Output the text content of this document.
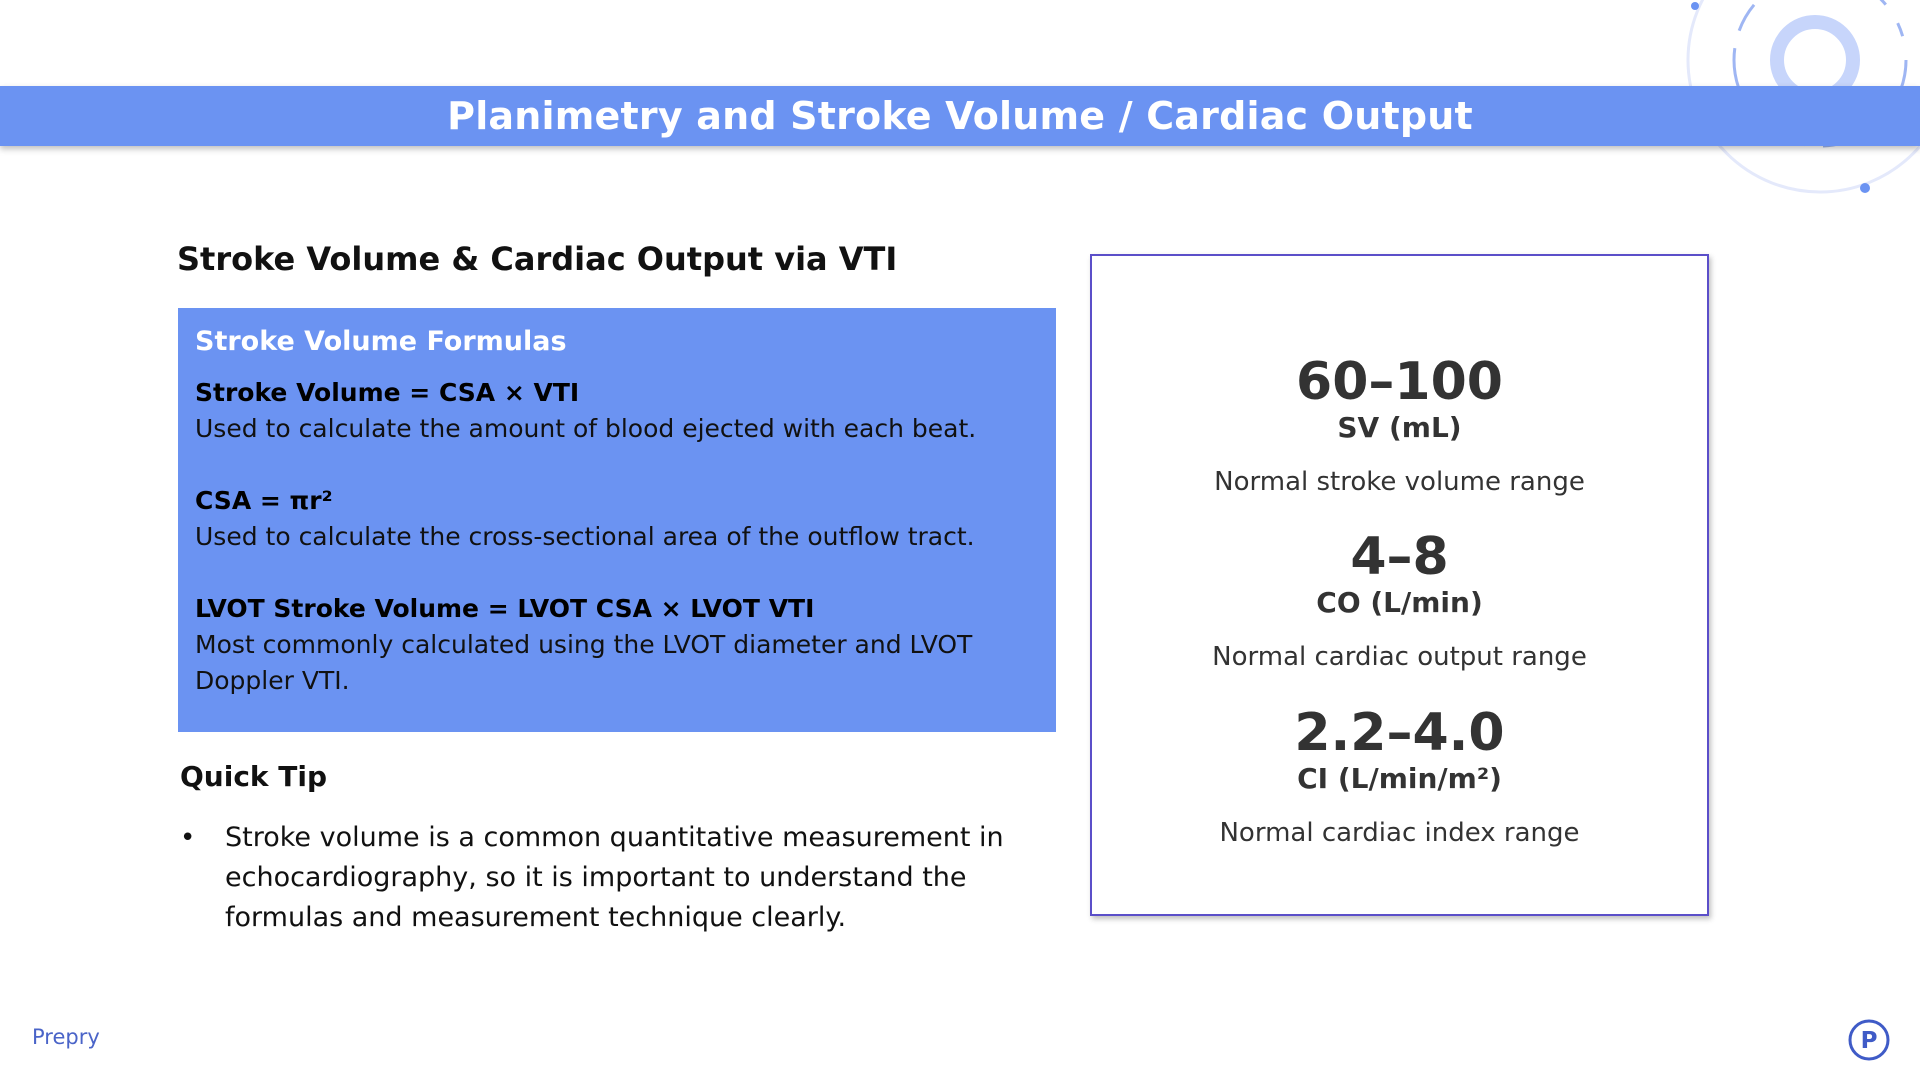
Planimetry and Stroke Volume / Cardiac Output
Stroke Volume & Cardiac Output via VTI
Stroke Volume Formulas
Stroke Volume = CSA × VTI
Used to calculate the amount of blood ejected with each beat.
CSA = πr²
Used to calculate the cross-sectional area of the outflow tract.
LVOT Stroke Volume = LVOT CSA × LVOT VTI
Most commonly calculated using the LVOT diameter and LVOT Doppler VTI.
Quick Tip
•	Stroke volume is a common quantitative measurement in echocardiography, so it is important to understand the formulas and measurement technique clearly.
60–100
SV (mL)
Normal stroke volume range
4–8
CO (L/min)
Normal cardiac output range
2.2–4.0
CI (L/min/m²)
Normal cardiac index range
Prepry	P
